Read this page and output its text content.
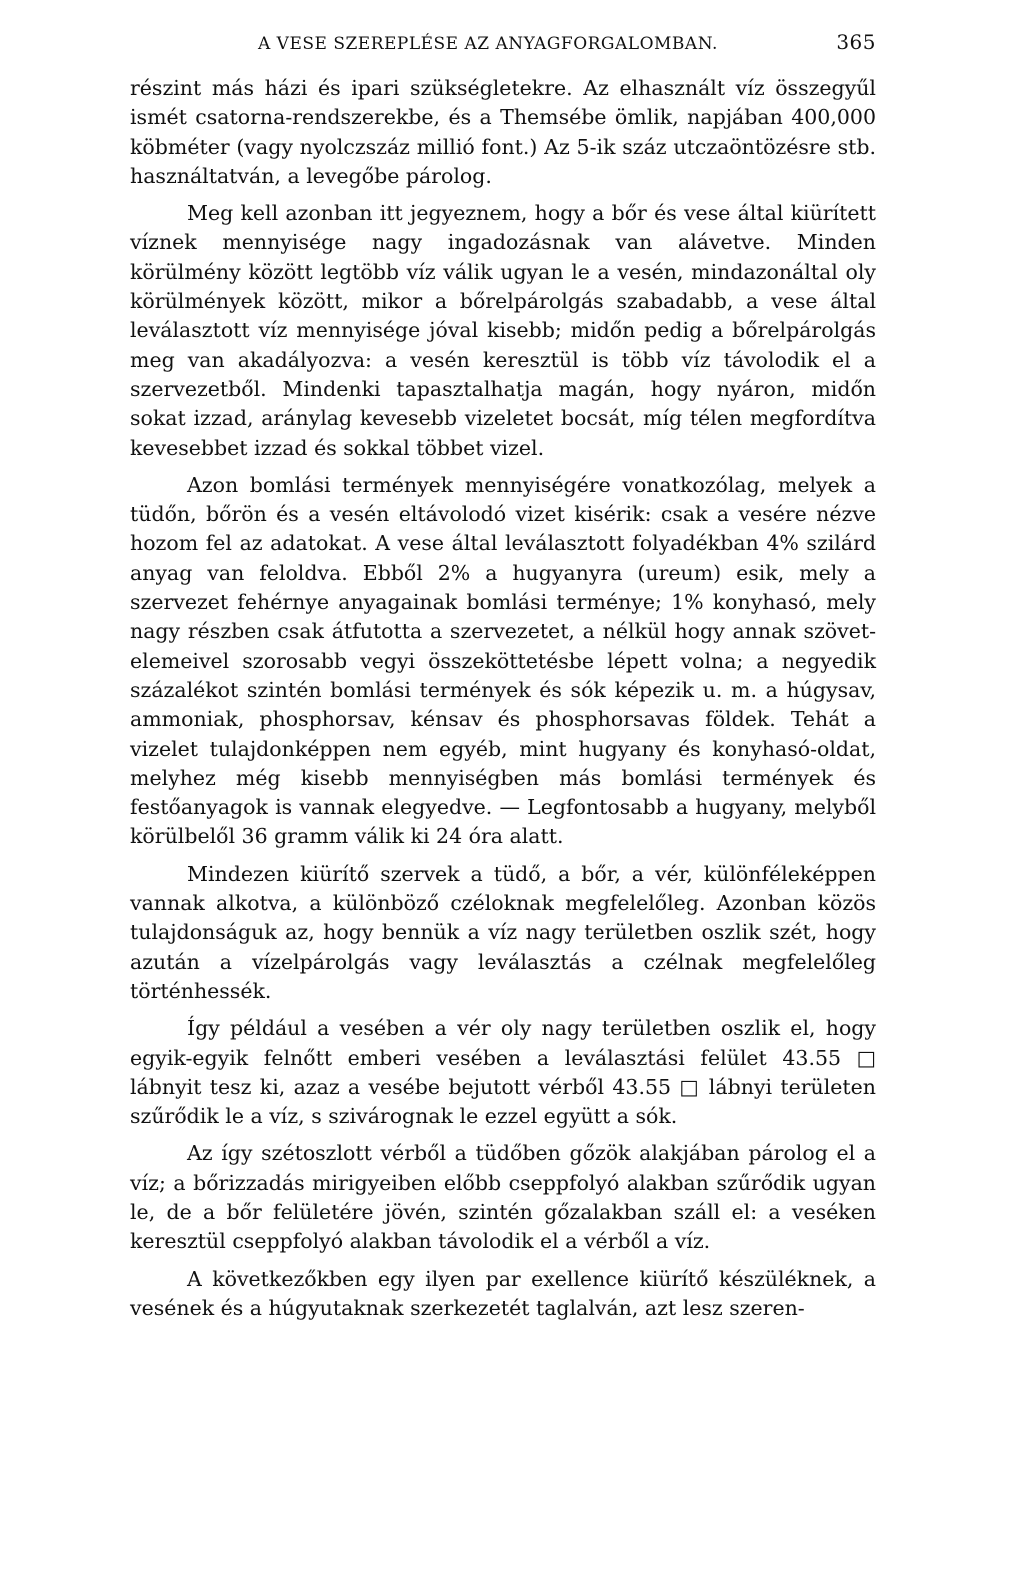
A VESE SZEREPLÉSE AZ ANYAGFORGALOMBAN.	365

részint más házi és ipari szükségletekre. Az elhasznált víz összegyűl ismét csatorna-rendszerekbe, és a Themsébe ömlik, napjában 400,000 köbméter (vagy nyolczszáz millió font.) Az 5-ik száz utczaöntözésre stb. használtatván, a levegőbe párolog.

Meg kell azonban itt jegyeznem, hogy a bőr és vese által kiürített víznek mennyisége nagy ingadozásnak van alávetve. Minden körülmény között legtöbb víz válik ugyan le a vesén, mindazonáltal oly körülmények között, mikor a bőrelpárolgás szabadabb, a vese által leválasztott víz mennyisége jóval kisebb; midőn pedig a bőrelpárolgás meg van akadályozva: a vesén keresztül is több víz távolodik el a szervezetből. Mindenki tapasztalhatja magán, hogy nyáron, midőn sokat izzad, aránylag kevesebb vizeletet bocsát, míg télen megfordítva kevesebbet izzad és sokkal többet vizel.

Azon bomlási termények mennyiségére vonatkozólag, melyek a tüdőn, bőrön és a vesén eltávolodó vizet kisérik: csak a vesére nézve hozom fel az adatokat. A vese által leválasztott folyadékban 4% szilárd anyag van feloldva. Ebből 2% a hugyanyra (ureum) esik, mely a szervezet fehérnye anyagainak bomlási terménye; 1% konyhasó, mely nagy részben csak átfutotta a szervezetet, a nélkül hogy annak szövet-elemeivel szorosabb vegyi összeköttetésbe lépett volna; a negyedik százalékot szintén bomlási termények és sók képezik u. m. a húgysav, ammoniak, phosphorsav, kénsav és phosphorsavas földek. Tehát a vizelet tulajdonképpen nem egyéb, mint hugyany és konyhasó-oldat, melyhez még kisebb mennyiségben más bomlási termények és festőanyagok is vannak elegyedve. — Legfontosabb a hugyany, melyből körülbelől 36 gramm válik ki 24 óra alatt.

Mindezen kiürítő szervek a tüdő, a bőr, a vér, különféleképpen vannak alkotva, a különböző czéloknak megfelelőleg. Azonban közös tulajdonságuk az, hogy bennük a víz nagy területben oszlik szét, hogy azután a vízelpárolgás vagy leválasztás a czélnak megfelelőleg történhessék.

Így például a vesében a vér oly nagy területben oszlik el, hogy egyik-egyik felnőtt emberi vesében a leválasztási felület 43.55 □ lábnyit tesz ki, azaz a vesébe bejutott vérből 43.55 □ lábnyi területen szűrődik le a víz, s szivárognak le ezzel együtt a sók.

Az így szétoszlott vérből a tüdőben gőzök alakjában párolog el a víz; a bőrizzadás mirigyeiben előbb cseppfolyó alakban szűrődik ugyan le, de a bőr felületére jövén, szintén gőzalakban száll el: a veséken keresztül cseppfolyó alakban távolodik el a vérből a víz.

A következőkben egy ilyen par exellence kiürítő készüléknek, a vesének és a húgyutaknak szerkezetét taglalván, azt lesz szeren-
